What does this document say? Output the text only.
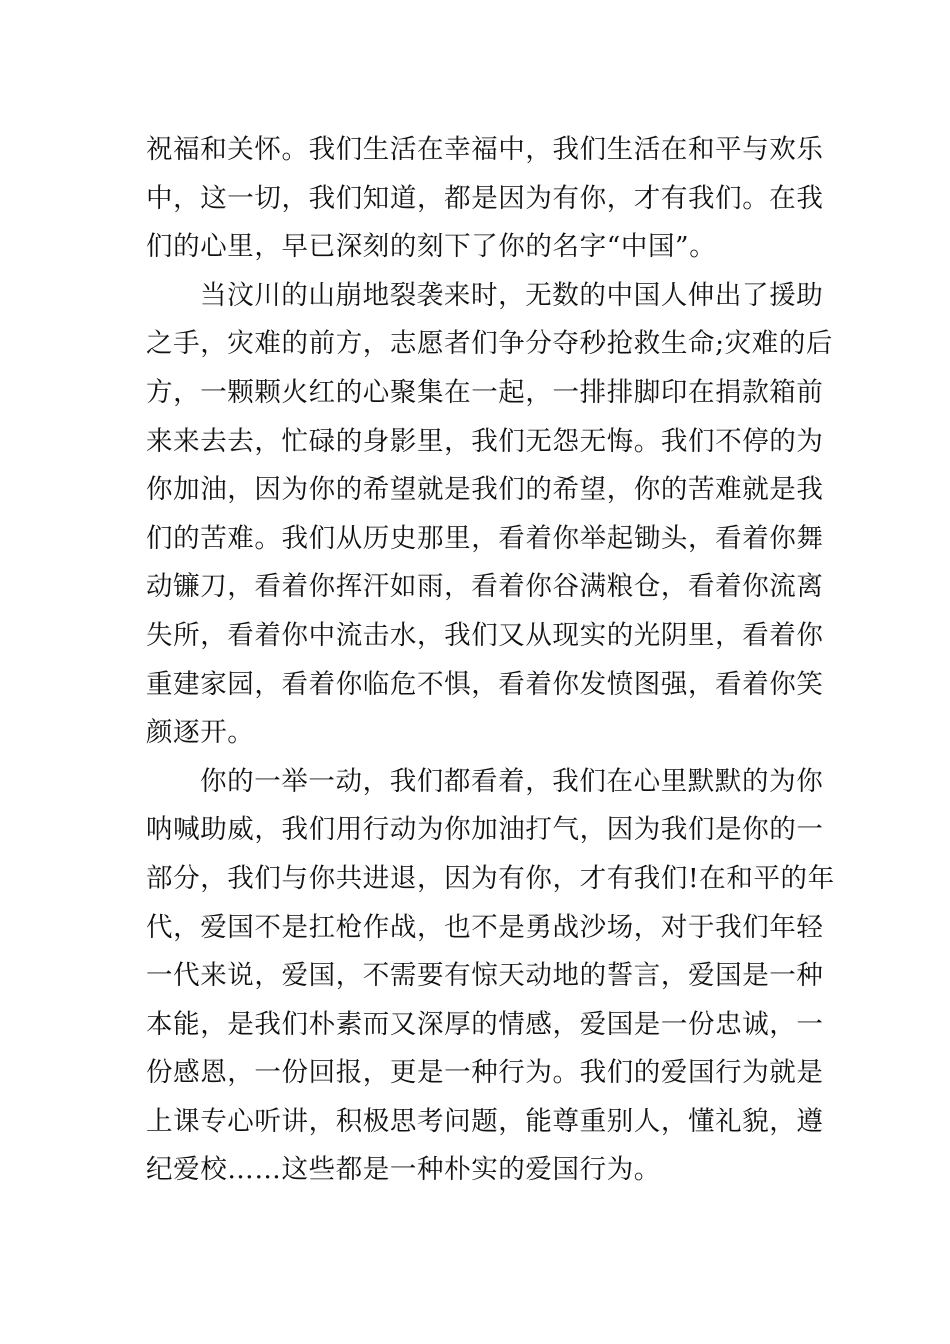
祝福和关怀。我们生活在幸福中，我们生活在和平与欢乐
中，这一切，我们知道，都是因为有你，才有我们。在我
们的心里，早已深刻的刻下了你的名字“中国”。
当汶川的山崩地裂袭来时，无数的中国人伸出了援助
之手，灾难的前方，志愿者们争分夺秒抢救生命;灾难的后
方，一颗颗火红的心聚集在一起，一排排脚印在捐款箱前
来来去去，忙碌的身影里，我们无怨无悔。我们不停的为
你加油，因为你的希望就是我们的希望，你的苦难就是我
们的苦难。我们从历史那里，看着你举起锄头，看着你舞
动镰刀，看着你挥汗如雨，看着你谷满粮仓，看着你流离
失所，看着你中流击水，我们又从现实的光阴里，看着你
重建家园，看着你临危不惧，看着你发愤图强，看着你笑
颜逐开。
你的一举一动，我们都看着，我们在心里默默的为你
呐喊助威，我们用行动为你加油打气，因为我们是你的一
部分，我们与你共进退，因为有你，才有我们!在和平的年
代，爱国不是扛枪作战，也不是勇战沙场，对于我们年轻
一代来说，爱国，不需要有惊天动地的誓言，爱国是一种
本能，是我们朴素而又深厚的情感，爱国是一份忠诚，一
份感恩，一份回报，更是一种行为。我们的爱国行为就是
上课专心听讲，积极思考问题，能尊重别人，懂礼貌，遵
纪爱校……这些都是一种朴实的爱国行为。
